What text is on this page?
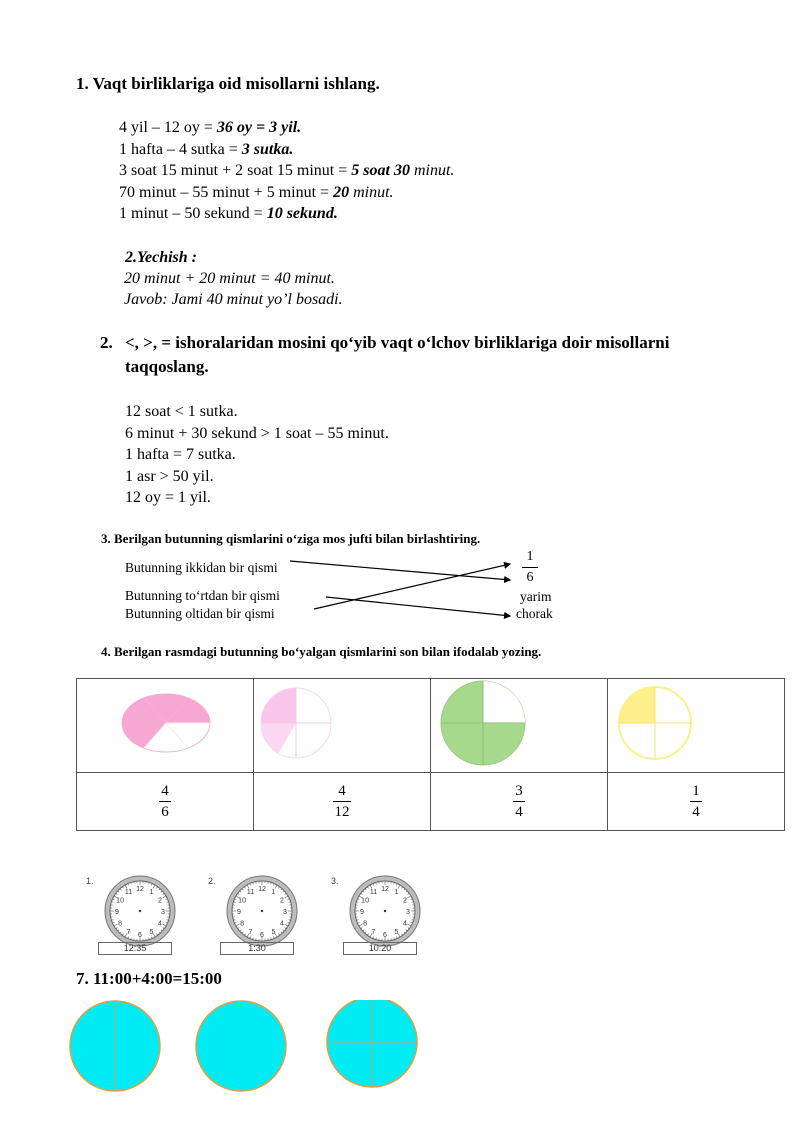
1. Vaqt birliklariga oid misollarni ishlang.
4 yil – 12 oy = 36 oy = 3 yil.
1 hafta – 4 sutka = 3 sutka.
3 soat 15 minut + 2 soat 15 minut = 5 soat 30 minut.
70 minut – 55 minut + 5 minut = 20 minut.
1 minut – 50 sekund = 10 sekund.
2.Yechish :
20 minut + 20 minut = 40 minut.
Javob: Jami 40 minut yo’l bosadi.
2. <, >, = ishoralaridan mosini qo‘yib vaqt o‘lchov birliklariga doir misollarni
taqqoslang.
12 soat < 1 sutka.
6 minut + 30 sekund > 1 soat – 55 minut.
1 hafta = 7 sutka.
1 asr > 50 yil.
12 oy = 1 yil.
3. Berilgan butunning qismlarini o‘ziga mos jufti bilan birlashtiring.
Butunning ikkidan bir qismi
Butunning to‘rtdan bir qismi
Butunning oltidan bir qismi
1
6
yarim
chorak
4. Berilgan rasmdagi butunning bo‘yalgan qismlarini son bilan ifodalab yozing.

$\frac{4}{6}$	$\frac{4}{12}$	$\frac{3}{4}$	$\frac{1}{4}$
1.
1
2
3
4
5
6
7
8
9
10
11 12
12:35
2.
1
2
3
4
5
6
7
8
9
10
11 12
1:30
3.
1
2
3
4
5
6
7
8
9
10
11 12
10:20
7. 11:00+4:00=15:00
